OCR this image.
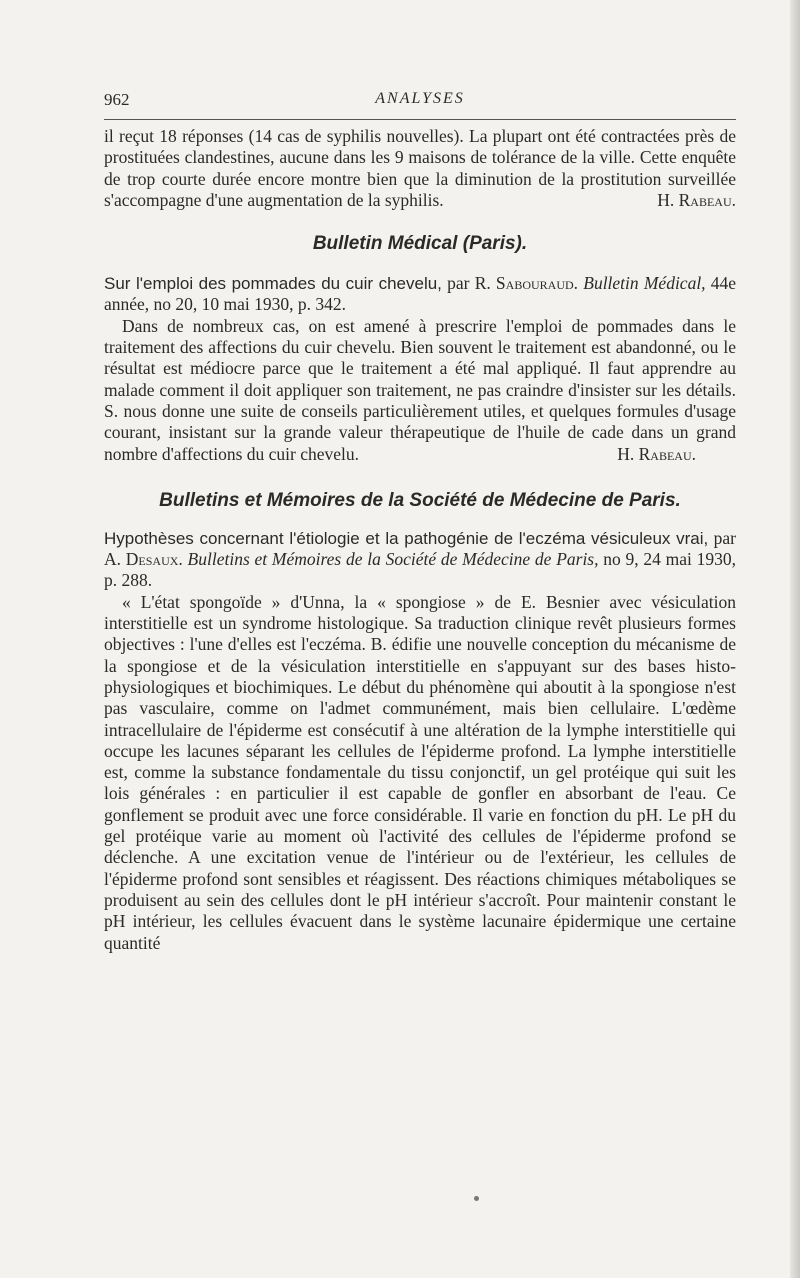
962	ANALYSES

il reçut 18 réponses (14 cas de syphilis nouvelles). La plupart ont été contractées près de prostituées clandestines, aucune dans les 9 maisons de tolérance de la ville. Cette enquête de trop courte durée encore montre bien que la diminution de la prostitution surveillée s'accompagne d'une augmentation de la syphilis.	H. Rabeau.

Bulletin Médical (Paris).

Sur l'emploi des pommades du cuir chevelu, par R. Sabouraud. Bulletin Médical, 44e année, no 20, 10 mai 1930, p. 342.

Dans de nombreux cas, on est amené à prescrire l'emploi de pommades dans le traitement des affections du cuir chevelu. Bien souvent le traitement est abandonné, ou le résultat est médiocre parce que le traitement a été mal appliqué. Il faut apprendre au malade comment il doit appliquer son traitement, ne pas craindre d'insister sur les détails. S. nous donne une suite de conseils particulièrement utiles, et quelques formules d'usage courant, insistant sur la grande valeur thérapeutique de l'huile de cade dans un grand nombre d'affections du cuir chevelu.	H. Rabeau.

Bulletins et Mémoires de la Société de Médecine de Paris.

Hypothèses concernant l'étiologie et la pathogénie de l'eczéma vésiculeux vrai, par A. Desaux. Bulletins et Mémoires de la Société de Médecine de Paris, no 9, 24 mai 1930, p. 288.

« L'état spongoïde » d'Unna, la « spongiose » de E. Besnier avec vésiculation interstitielle est un syndrome histologique. Sa traduction clinique revêt plusieurs formes objectives : l'une d'elles est l'eczéma. B. édifie une nouvelle conception du mécanisme de la spongiose et de la vésiculation interstitielle en s'appuyant sur des bases histo-physiologiques et biochimiques. Le début du phénomène qui aboutit à la spongiose n'est pas vasculaire, comme on l'admet communément, mais bien cellulaire. L'œdème intracellulaire de l'épiderme est consécutif à une altération de la lymphe interstitielle qui occupe les lacunes séparant les cellules de l'épiderme profond. La lymphe interstitielle est, comme la substance fondamentale du tissu conjonctif, un gel protéique qui suit les lois générales : en particulier il est capable de gonfler en absorbant de l'eau. Ce gonflement se produit avec une force considérable. Il varie en fonction du pH. Le pH du gel protéique varie au moment où l'activité des cellules de l'épiderme profond se déclenche. A une excitation venue de l'intérieur ou de l'extérieur, les cellules de l'épiderme profond sont sensibles et réagissent. Des réactions chimiques métaboliques se produisent au sein des cellules dont le pH intérieur s'accroît. Pour maintenir constant le pH intérieur, les cellules évacuent dans le système lacunaire épidermique une certaine quantité
